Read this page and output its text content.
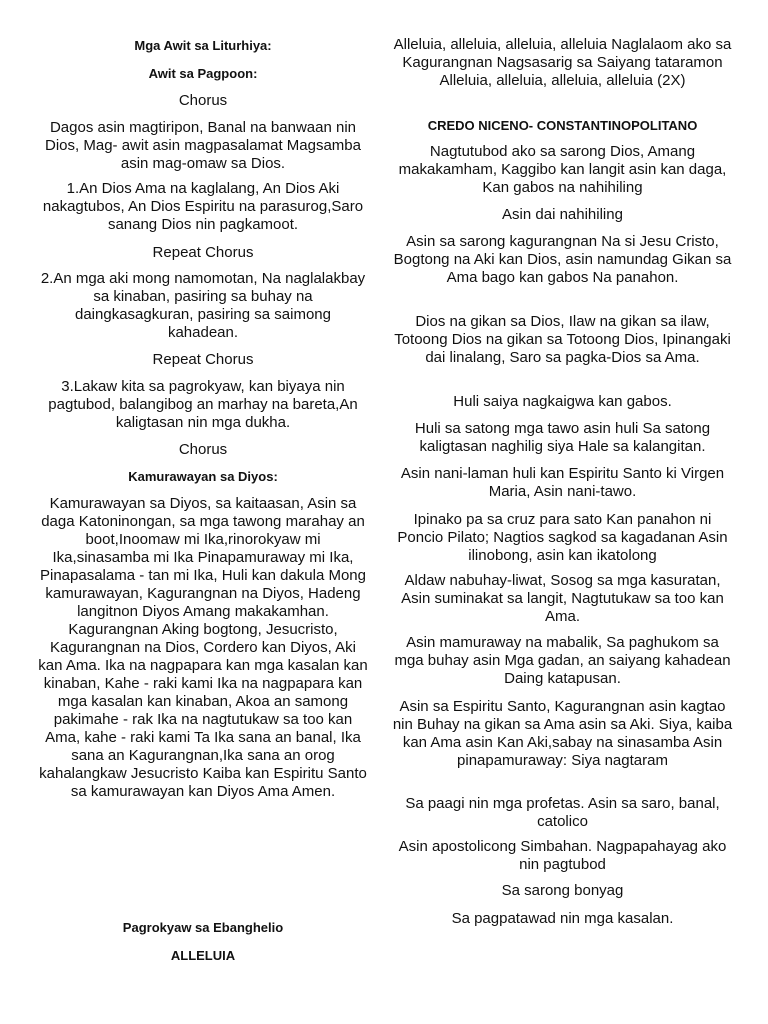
Mga Awit sa Liturhiya:
Awit sa Pagpoon:

Chorus

Dagos asin magtiripon, Banal na banwaan nin Dios, Mag- awit asin magpasalamat Magsamba asin mag-omaw sa Dios.

1.An Dios Ama na kaglalang, An Dios Aki nakagtubos, An Dios Espiritu na parasurog,Saro sanang Dios nin pagkamoot.

Repeat Chorus

2.An mga aki mong namomotan, Na naglalakbay sa kinaban, pasiring sa buhay na daingkasagkuran, pasiring sa saimong kahadean.

Repeat Chorus

3.Lakaw kita sa pagrokyaw, kan biyaya nin pagtubod, balangibog an marhay na bareta,An kaligtasan nin mga dukha.

Chorus

Kamurawayan sa Diyos:

Kamurawayan sa Diyos, sa kaitaasan, Asin sa daga Katoninongan, sa mga tawong marahay an boot,Inoomaw mi Ika,rinorokyaw mi Ika,sinasamba mi Ika Pinapamuraway mi Ika, Pinapasalama - tan mi Ika, Huli kan dakula Mong kamurawayan, Kagurangnan na Diyos, Hadeng langitnon Diyos Amang makakamhan. Kagurangnan Aking bogtong, Jesucristo, Kagurangnan na Dios, Cordero kan Diyos, Aki kan Ama. Ika na nagpapara kan mga kasalan kan kinaban, Kahe - raki kami Ika na nagpapara kan mga kasalan kan kinaban, Akoa an samong pakimahe - rak Ika na nagtutukaw sa too kan Ama, kahe - raki kami Ta Ika sana an banal, Ika sana an Kagurangnan,Ika sana an orog kahalangkaw Jesucristo Kaiba kan Espiritu Santo sa kamurawayan kan Diyos Ama Amen.

Pagrokyaw sa Ebanghelio
ALLELUIA

Alleluia, alleluia, alleluia, alleluia Naglalaom ako sa Kagurangnan Nagsasarig sa Saiyang tataramon Alleluia, alleluia, alleluia, alleluia (2X)

CREDO NICENO- CONSTANTINOPOLITANO

Nagtutubod ako sa sarong Dios, Amang makakamham, Kaggibo kan langit asin kan daga, Kan gabos na nahihiling

Asin dai nahihiling

Asin sa sarong kagurangnan Na si Jesu Cristo, Bogtong na Aki kan Dios, asin namundag Gikan sa Ama bago kan gabos Na panahon.

Dios na gikan sa Dios, Ilaw na gikan sa ilaw, Totoong Dios na gikan sa Totoong Dios, Ipinangaki dai linalang, Saro sa pagka-Dios sa Ama.

Huli saiya nagkaigwa kan gabos.

Huli sa satong mga tawo asin huli Sa satong kaligtasan naghilig siya Hale sa kalangitan.

Asin nani-laman huli kan Espiritu Santo ki Virgen Maria, Asin nani-tawo.

Ipinako pa sa cruz para sato Kan panahon ni Poncio Pilato; Nagtios sagkod sa kagadanan Asin ilinobong, asin kan ikatolong

Aldaw nabuhay-liwat, Sosog sa mga kasuratan, Asin suminakat sa langit, Nagtutukaw sa too kan Ama.

Asin mamuraway na mabalik, Sa paghukom sa mga buhay asin Mga gadan, an saiyang kahadean Daing katapusan.

Asin sa Espiritu Santo, Kagurangnan asin kagtao nin Buhay na gikan sa Ama asin sa Aki. Siya, kaiba kan Ama asin Kan Aki,sabay na sinasamba Asin pinapamuraway: Siya nagtaram

Sa paagi nin mga profetas. Asin sa saro, banal, catolico

Asin apostolicong Simbahan. Nagpapahayag ako nin pagtubod

Sa sarong bonyag

Sa pagpatawad nin mga kasalan.
